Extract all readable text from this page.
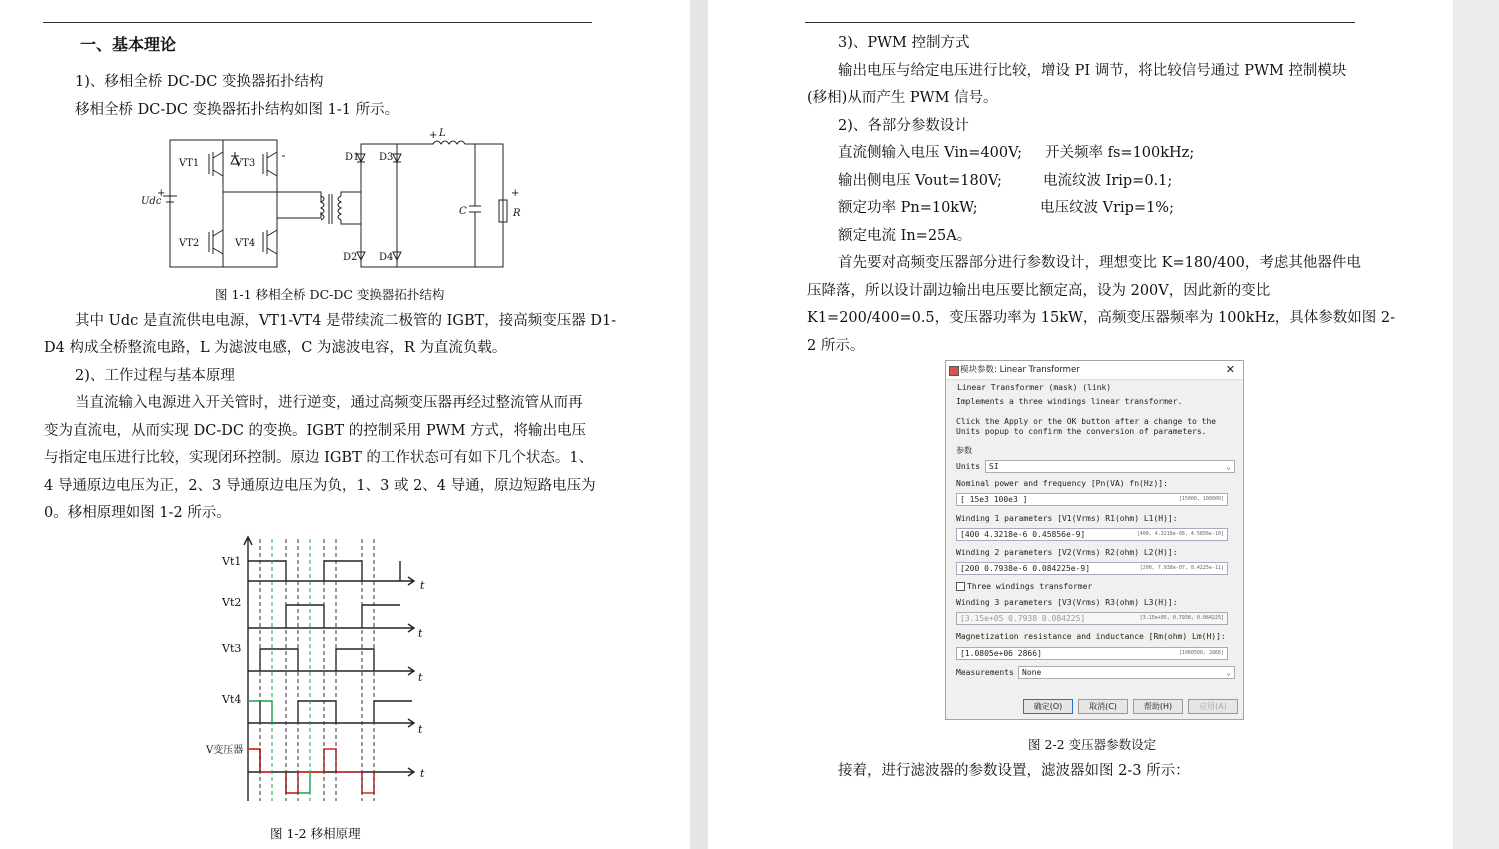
一、基本理论
1)、移相全桥 DC-DC 变换器拓扑结构
移相全桥 DC-DC 变换器拓扑结构如图 1-1 所示。
VT1	VT3
VT2	VT4
Udc
+
D1 D3
D2 D4
L
+
C	R
+
图 1-1 移相全桥 DC-DC 变换器拓扑结构
其中 Udc 是直流供电电源，VT1-VT4 是带续流二极管的 IGBT，接高频变压器 D1-
D4 构成全桥整流电路，L 为滤波电感，C 为滤波电容，R 为直流负载。
2)、工作过程与基本原理
当直流输入电源进入开关管时，进行逆变，通过高频变压器再经过整流管从而再
变为直流电，从而实现 DC-DC 的变换。IGBT 的控制采用 PWM 方式，将输出电压
与指定电压进行比较，实现闭环控制。原边 IGBT 的工作状态可有如下几个状态。1、
4 导通原边电压为正，2、3 导通原边电压为负，1、3 或 2、4 导通，原边短路电压为
0。移相原理如图 1-2 所示。
Vt1
Vt2
Vt3
Vt4
V变压器
t
t
t
t
t
图 1-2 移相原理
3)、PWM 控制方式
输出电压与给定电压进行比较，增设 PI 调节，将比较信号通过 PWM 控制模块
(移相)从而产生 PWM 信号。
2)、各部分参数设计
直流侧输入电压 Vin=400V; 开关频率 fs=100kHz;
输出侧电压 Vout=180V;	电流纹波 Irip=0.1;
额定功率 Pn=10kW;	电压纹波 Vrip=1%;
额定电流 In=25A。
首先要对高频变压器部分进行参数设计，理想变比 K=180/400，考虑其他器件电
压降落，所以设计副边输出电压要比额定高，设为 200V，因此新的变比
K1=200/400=0.5，变压器功率为 15kW，高频变压器频率为 100kHz，具体参数如图 2-
2 所示。
模块参数: Linear Transformer	✕
Linear Transformer (mask) (link)
Implements a three windings linear transformer.
Click the Apply or the OK button after a change to the
Units popup to confirm the conversion of parameters.
参数
Units	SI	⌄
Nominal power and frequency [Pn(VA) fn(Hz)]:
[ 15e3 100e3 ]	[15000, 100000]
Winding 1 parameters [V1(Vrms) R1(ohm) L1(H)]:
[400 4.3218e-6 0.45856e-9]	[400, 4.3218e-06, 4.5856e-10]
Winding 2 parameters [V2(Vrms) R2(ohm) L2(H)]:
[200 0.7938e-6 0.084225e-9]	[200, 7.938e-07, 8.4225e-11]
Three windings transformer
Winding 3 parameters [V3(Vrms) R3(ohm) L3(H)]:
[3.15e+05 0.7938 0.084225]	[3.15e+05, 0.7938, 0.084225]
Magnetization resistance and inductance [Rm(ohm) Lm(H)]:
[1.0805e+06 2866]	[1080500, 2866]
Measurements	None	⌄
确定(O)	取消(C)	帮助(H)	应用(A)
图 2-2 变压器参数设定
接着，进行滤波器的参数设置，滤波器如图 2-3 所示：
